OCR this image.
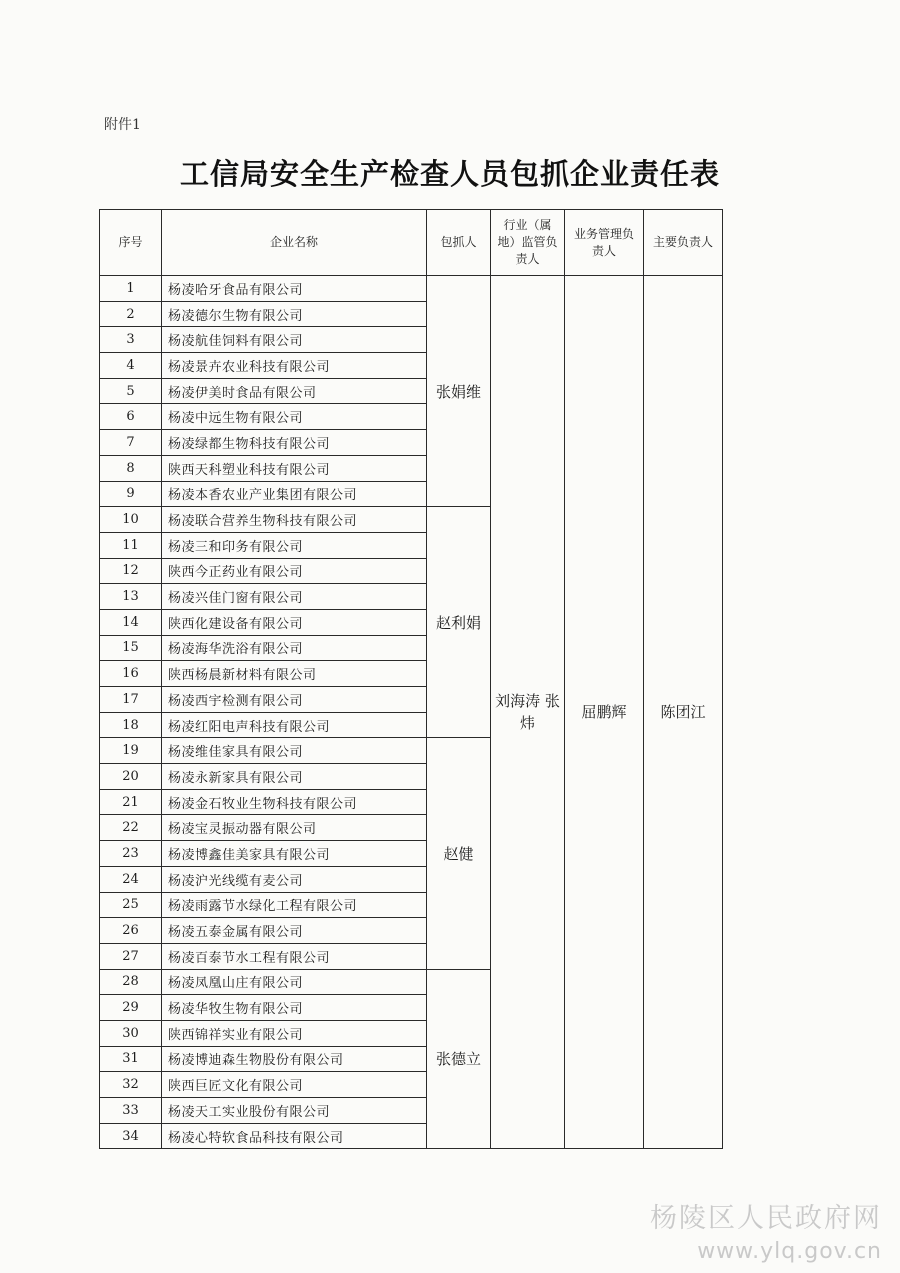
附件1
工信局安全生产检查人员包抓企业责任表
序号	企业名称	包抓人	行业（属地）监管负责人	业务管理负责人	主要负责人
1	杨凌哈牙食品有限公司	张娟维	刘海涛 张炜	屈鹏辉	陈团江
2	杨凌德尔生物有限公司				
3	杨凌航佳饲料有限公司				
4	杨凌景卉农业科技有限公司				
5	杨凌伊美时食品有限公司				
6	杨凌中远生物有限公司				
7	杨凌绿都生物科技有限公司				
8	陕西天科塑业科技有限公司				
9	杨凌本香农业产业集团有限公司				
10	杨凌联合营养生物科技有限公司	赵利娟			
11	杨凌三和印务有限公司				
12	陕西今正药业有限公司				
13	杨凌兴佳门窗有限公司				
14	陕西化建设备有限公司				
15	杨凌海华洗浴有限公司				
16	陕西杨晨新材料有限公司				
17	杨凌西宇检测有限公司				
18	杨凌红阳电声科技有限公司				
19	杨凌维佳家具有限公司	赵健			
20	杨凌永新家具有限公司				
21	杨凌金石牧业生物科技有限公司				
22	杨凌宝灵振动器有限公司				
23	杨凌博鑫佳美家具有限公司				
24	杨凌沪光线缆有麦公司				
25	杨凌雨露节水绿化工程有限公司				
26	杨凌五泰金属有限公司				
27	杨凌百泰节水工程有限公司				
28	杨凌凤凰山庄有限公司	张德立			
29	杨凌华牧生物有限公司				
30	陕西锦祥实业有限公司				
31	杨凌博迪森生物股份有限公司				
32	陕西巨匠文化有限公司				
33	杨凌天工实业股份有限公司				
34	杨凌心特软食品科技有限公司				
杨陵区人民政府网
www.ylq.gov.cn
